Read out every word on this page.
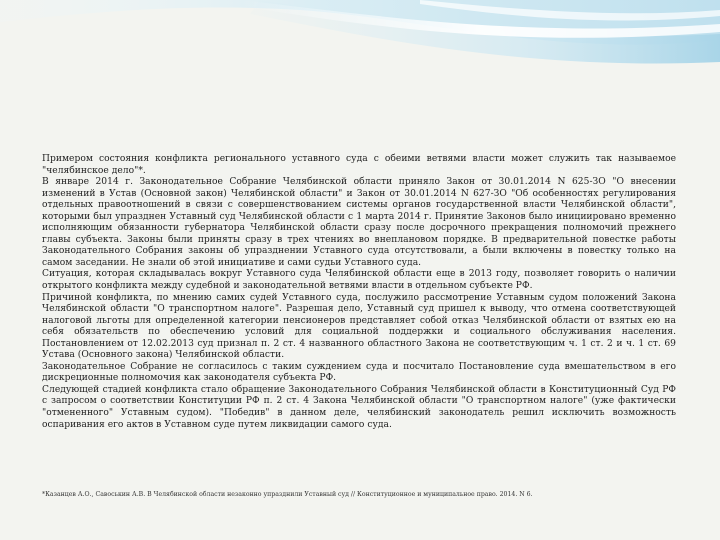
Примером состояния конфликта регионального уставного суда с обеими ветвями власти может служить так называемое "челябинское дело"*.

В январе 2014 г. Законодательное Собрание Челябинской области приняло Закон от 30.01.2014 N 625-ЗО "О внесении изменений в Устав (Основной закон) Челябинской области" и Закон от 30.01.2014 N 627-ЗО "Об особенностях регулирования отдельных правоотношений в связи с совершенствованием системы органов государственной власти Челябинской области", которыми был упразднен Уставный суд Челябинской области с 1 марта 2014 г. Принятие Законов было инициировано временно исполняющим обязанности губернатора Челябинской области сразу после досрочного прекращения полномочий прежнего главы субъекта. Законы были приняты сразу в трех чтениях во внеплановом порядке. В предварительной повестке работы Законодательного Собрания законы об упразднении Уставного суда отсутствовали, а были включены в повестку только на самом заседании. Не знали об этой инициативе и сами судьи Уставного суда.

Ситуация, которая складывалась вокруг Уставного суда Челябинской области еще в 2013 году, позволяет говорить о наличии открытого конфликта между судебной и законодательной ветвями власти в отдельном субъекте РФ.

Причиной конфликта, по мнению самих судей Уставного суда, послужило рассмотрение Уставным судом положений Закона Челябинской области "О транспортном налоге". Разрешая дело, Уставный суд пришел к выводу, что отмена соответствующей налоговой льготы для определенной категории пенсионеров представляет собой отказ Челябинской области от взятых ею на себя обязательств по обеспечению условий для социальной поддержки и социального обслуживания населения. Постановлением от 12.02.2013 суд признал п. 2 ст. 4 названного областного Закона не соответствующим ч. 1 ст. 2 и ч. 1 ст. 69 Устава (Основного закона) Челябинской области.

Законодательное Собрание не согласилось с таким суждением суда и посчитало Постановление суда вмешательством в его дискреционные полномочия как законодателя субъекта РФ.

Следующей стадией конфликта стало обращение Законодательного Собрания Челябинской области в Конституционный Суд РФ с запросом о соответствии Конституции РФ п. 2 ст. 4 Закона Челябинской области "О транспортном налоге" (уже фактически "отмененного" Уставным судом). "Победив" в данном деле, челябинский законодатель решил исключить возможность оспаривания его актов в Уставном суде путем ликвидации самого суда.

*Казанцев А.О., Савоськин А.В. В Челябинской области незаконно упразднили Уставный суд // Конституционное и муниципальное право. 2014. N 6.
